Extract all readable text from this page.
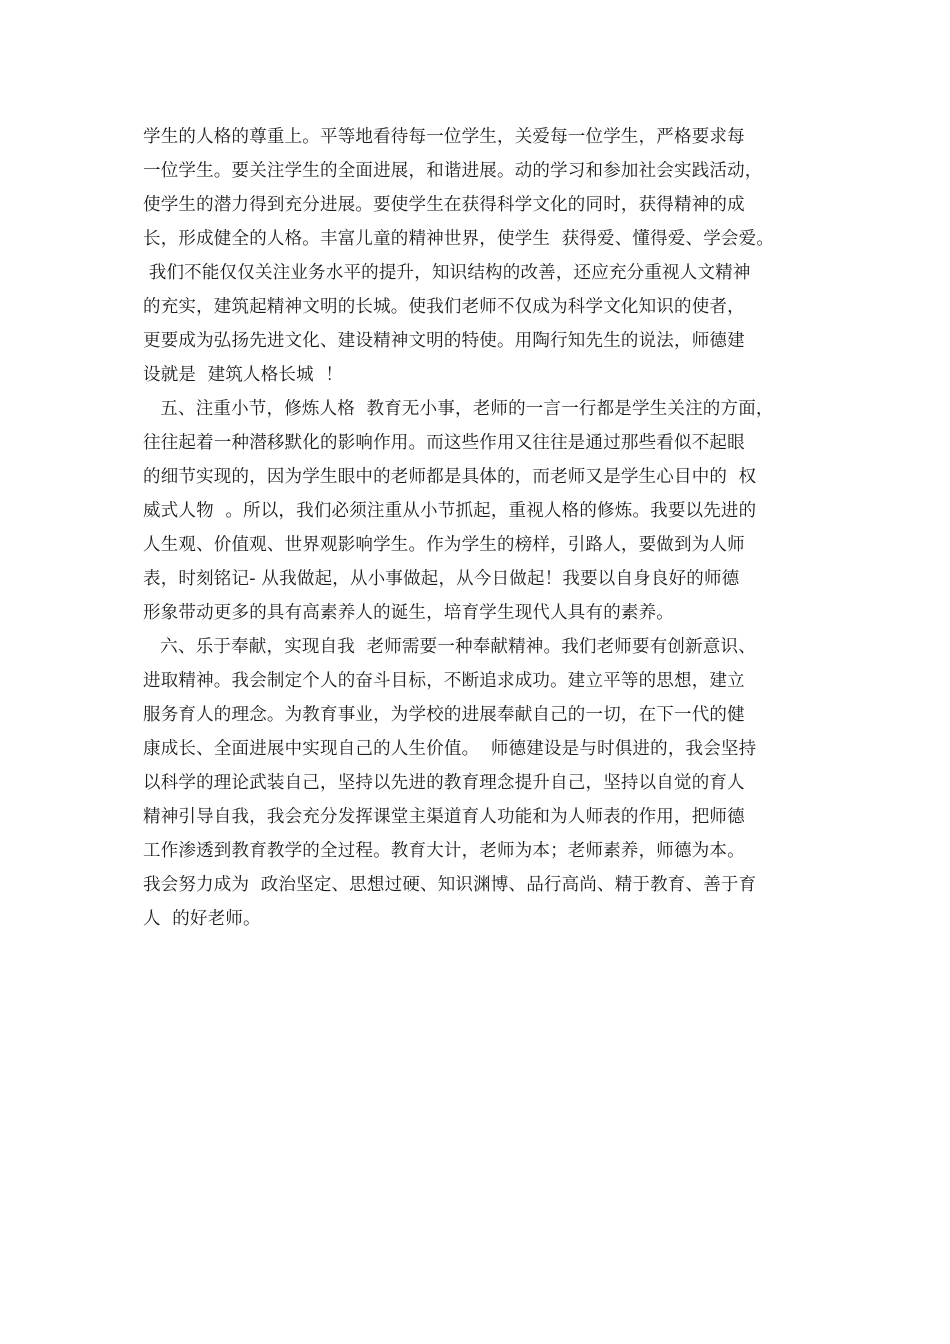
学生的人格的尊重上。平等地看待每一位学生，关爱每一位学生，严格要求每
一位学生。要关注学生的全面进展，和谐进展。动的学习和参加社会实践活动，
使学生的潜力得到充分进展。要使学生在获得科学文化的同时，获得精神的成
长，形成健全的人格。丰富儿童的精神世界，使学生  获得爱、懂得爱、学会爱。
我们不能仅仅关注业务水平的提升，知识结构的改善，还应充分重视人文精神
的充实，建筑起精神文明的长城。使我们老师不仅成为科学文化知识的使者，
更要成为弘扬先进文化、建设精神文明的特使。用陶行知先生的说法，师德建
设就是  建筑人格长城  ！
五、注重小节，修炼人格  教育无小事，老师的一言一行都是学生关注的方面，
往往起着一种潜移默化的影响作用。而这些作用又往往是通过那些看似不起眼
的细节实现的，因为学生眼中的老师都是具体的，而老师又是学生心目中的  权
威式人物  。所以，我们必须注重从小节抓起，重视人格的修炼。我要以先进的
人生观、价值观、世界观影响学生。作为学生的榜样，引路人，要做到为人师
表，时刻铭记- 从我做起，从小事做起，从今日做起！我要以自身良好的师德
形象带动更多的具有高素养人的诞生，培育学生现代人具有的素养。
六、乐于奉献，实现自我  老师需要一种奉献精神。我们老师要有创新意识、
进取精神。我会制定个人的奋斗目标，不断追求成功。建立平等的思想，建立
服务育人的理念。为教育事业，为学校的进展奉献自己的一切，在下一代的健
康成长、全面进展中实现自己的人生价值。  师德建设是与时俱进的，我会坚持
以科学的理论武装自己，坚持以先进的教育理念提升自己，坚持以自觉的育人
精神引导自我，我会充分发挥课堂主渠道育人功能和为人师表的作用，把师德
工作渗透到教育教学的全过程。教育大计，老师为本；老师素养，师德为本。
我会努力成为  政治坚定、思想过硬、知识渊博、品行高尚、精于教育、善于育
人  的好老师。
